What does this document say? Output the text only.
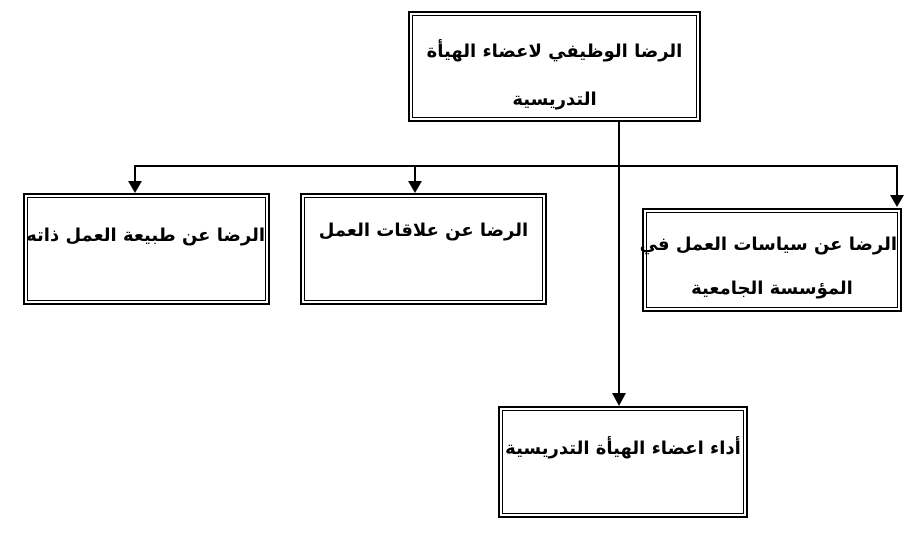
الرضا الوظيفي لاعضاء الهيأة
التدريسية
الرضا عن طبيعة العمل ذاته	الرضا عن علاقات العمل
الرضا عن سياسات العمل في
المؤسسة الجامعية
أداء اعضاء الهيأة التدريسية
